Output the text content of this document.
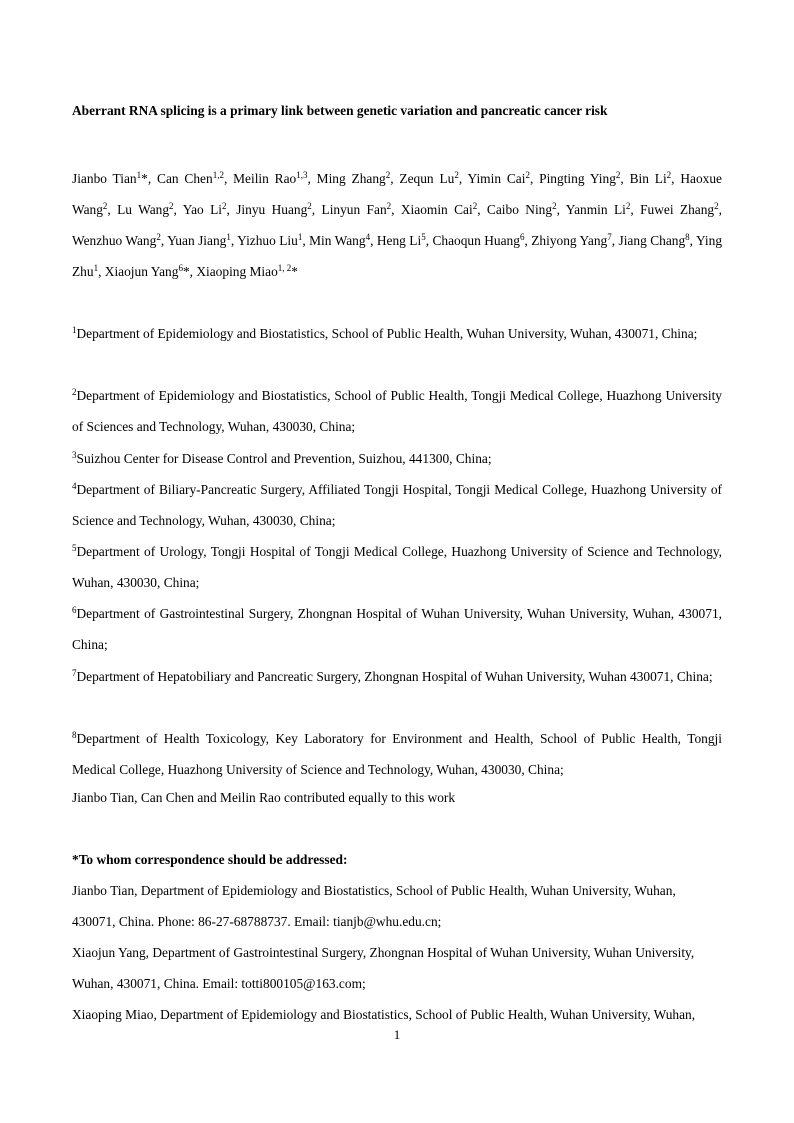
Aberrant RNA splicing is a primary link between genetic variation and pancreatic cancer risk
Jianbo Tian$^1$*, Can Chen$^{1,2}$, Meilin Rao$^{1,3}$, Ming Zhang$^2$, Zequn Lu$^2$, Yimin Cai$^2$, Pingting Ying$^2$, Bin Li$^2$, Haoxue Wang$^2$, Lu Wang$^2$, Yao Li$^2$, Jinyu Huang$^2$, Linyun Fan$^2$, Xiaomin Cai$^2$, Caibo Ning$^2$, Yanmin Li$^2$, Fuwei Zhang$^2$, Wenzhuo Wang$^2$, Yuan Jiang$^1$, Yizhuo Liu$^1$, Min Wang$^4$, Heng Li$^5$, Chaoqun Huang$^6$, Zhiyong Yang$^7$, Jiang Chang$^8$, Ying Zhu$^1$, Xiaojun Yang$^6$*, Xiaoping Miao$^{1, 2}$*

$^1$Department of Epidemiology and Biostatistics, School of Public Health, Wuhan University, Wuhan, 430071, China;

$^2$Department of Epidemiology and Biostatistics, School of Public Health, Tongji Medical College, Huazhong University of Sciences and Technology, Wuhan, 430030, China;

$^3$Suizhou Center for Disease Control and Prevention, Suizhou, 441300, China;

$^4$Department of Biliary-Pancreatic Surgery, Affiliated Tongji Hospital, Tongji Medical College, Huazhong University of Science and Technology, Wuhan, 430030, China;

$^5$Department of Urology, Tongji Hospital of Tongji Medical College, Huazhong University of Science and Technology, Wuhan, 430030, China;

$^6$Department of Gastrointestinal Surgery, Zhongnan Hospital of Wuhan University, Wuhan University, Wuhan, 430071, China;

$^7$Department of Hepatobiliary and Pancreatic Surgery, Zhongnan Hospital of Wuhan University, Wuhan 430071, China;

$^8$Department of Health Toxicology, Key Laboratory for Environment and Health, School of Public Health, Tongji Medical College, Huazhong University of Science and Technology, Wuhan, 430030, China;

Jianbo Tian, Can Chen and Meilin Rao contributed equally to this work
*To whom correspondence should be addressed:
Jianbo Tian, Department of Epidemiology and Biostatistics, School of Public Health, Wuhan University, Wuhan,
430071, China. Phone: 86-27-68788737. Email: tianjb@whu.edu.cn;
Xiaojun Yang, Department of Gastrointestinal Surgery, Zhongnan Hospital of Wuhan University, Wuhan University,
Wuhan, 430071, China. Email: totti800105@163.com;
Xiaoping Miao, Department of Epidemiology and Biostatistics, School of Public Health, Wuhan University, Wuhan,
1
